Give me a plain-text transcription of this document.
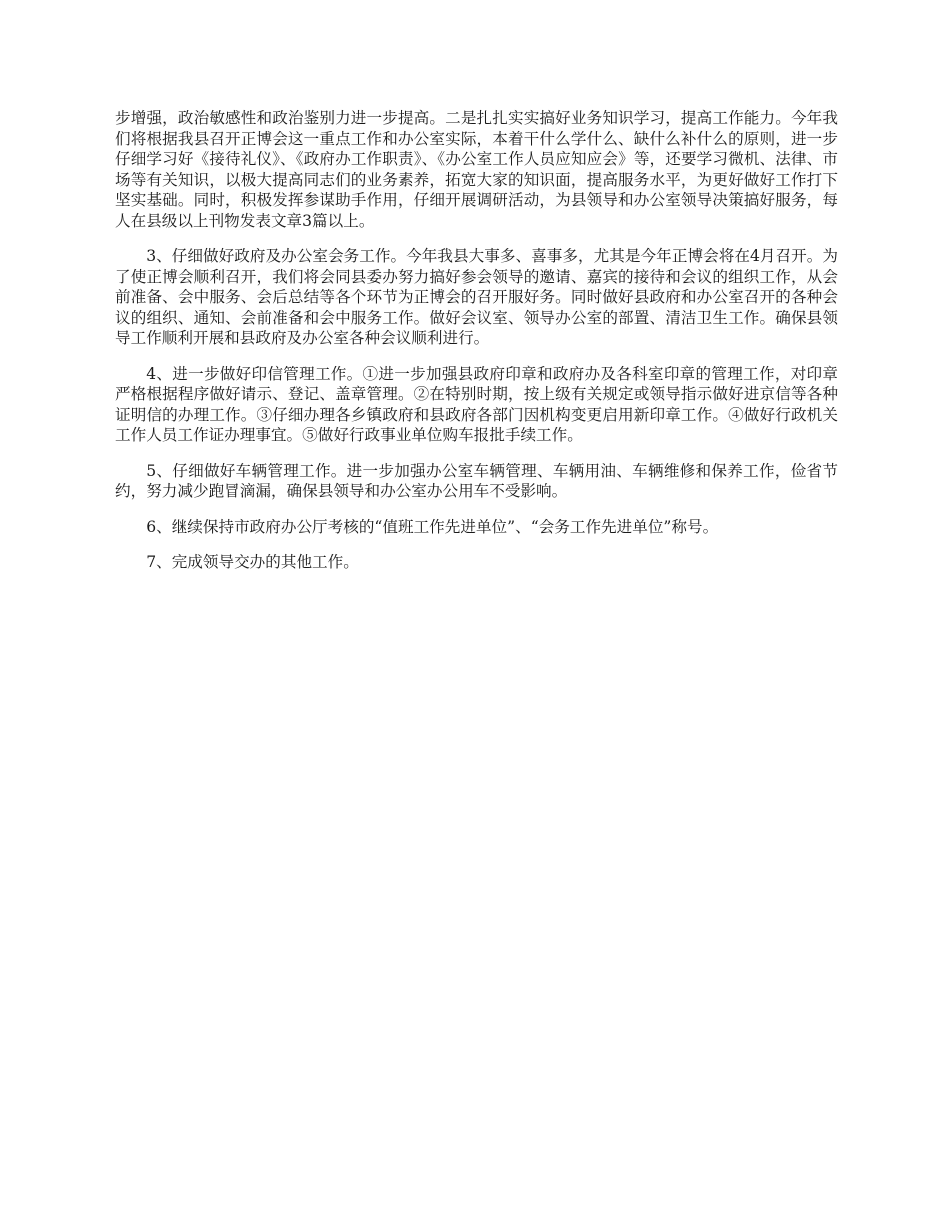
步增强，政治敏感性和政治鉴别力进一步提高。二是扎扎实实搞好业务知识学习，提高工作能力。今年我们将根据我县召开正博会这一重点工作和办公室实际，本着干什么学什么、缺什么补什么的原则，进一步仔细学习好《接待礼仪》、《政府办工作职责》、《办公室工作人员应知应会》等，还要学习微机、法律、市场等有关知识，以极大提高同志们的业务素养，拓宽大家的知识面，提高服务水平，为更好做好工作打下坚实基础。同时，积极发挥参谋助手作用，仔细开展调研活动，为县领导和办公室领导决策搞好服务，每人在县级以上刊物发表文章3篇以上。

3、仔细做好政府及办公室会务工作。今年我县大事多、喜事多，尤其是今年正博会将在4月召开。为了使正博会顺利召开，我们将会同县委办努力搞好参会领导的邀请、嘉宾的接待和会议的组织工作，从会前准备、会中服务、会后总结等各个环节为正博会的召开服好务。同时做好县政府和办公室召开的各种会议的组织、通知、会前准备和会中服务工作。做好会议室、领导办公室的部置、清洁卫生工作。确保县领导工作顺利开展和县政府及办公室各种会议顺利进行。

4、进一步做好印信管理工作。①进一步加强县政府印章和政府办及各科室印章的管理工作，对印章严格根据程序做好请示、登记、盖章管理。②在特别时期，按上级有关规定或领导指示做好进京信等各种证明信的办理工作。③仔细办理各乡镇政府和县政府各部门因机构变更启用新印章工作。④做好行政机关工作人员工作证办理事宜。⑤做好行政事业单位购车报批手续工作。

5、仔细做好车辆管理工作。进一步加强办公室车辆管理、车辆用油、车辆维修和保养工作，俭省节约，努力减少跑冒滴漏，确保县领导和办公室办公用车不受影响。

6、继续保持市政府办公厅考核的“值班工作先进单位”、“会务工作先进单位”称号。

7、完成领导交办的其他工作。
